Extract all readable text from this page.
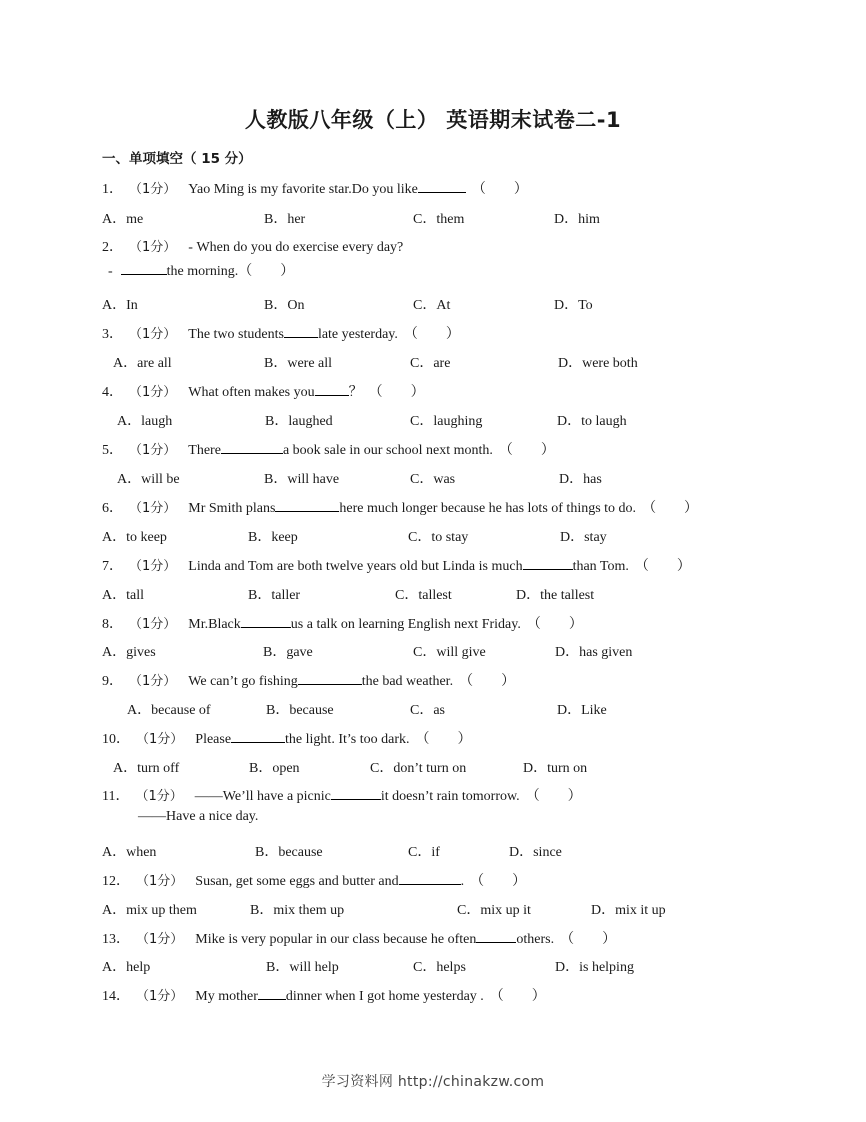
人教版八年级（上） 英语期末试卷二-1
一、单项填空（ 15 分）
1． （1分） Yao Ming is my favorite star.Do you like	（　　）
A．me	B．her	C．them	D．him
2． （1分） - When do you do exercise every day?
-	the morning.（　　）
A．In	B．On	C．At	D．To
3． （1分） The two students late yesterday. （　　）
A．are all	B．were all	C．are	D．were both
4． （1分） What often makes you ？ （　　）
A．laugh	B．laughed	C．laughing	D．to laugh
5． （1分） There	a book sale in our school next month. （　　）
A．will be	B．will have	C．was	D．has
6． （1分） Mr Smith plans	here much longer because he has lots of things to do. （　　）
A．to keep	B．keep	C．to stay	D．stay
7． （1分） Linda and Tom are both twelve years old but Linda is much	than Tom. （　　）
A．tall	B．taller	C．tallest	D．the tallest
8． （1分） Mr.Black	us a talk on learning English next Friday. （　　）
A．gives	B．gave	C．will give	D．has given
9． （1分） We can’t go fishing	the bad weather. （　　）
A．because of	B．because	C．as	D．Like
10． （1分） Please	the light. It’s too dark. （　　）
A．turn off	B．open	C．don’t turn on	D．turn on
11． （1分） ——We’ll have a picnic	it doesn’t rain tomorrow. （　　）
——Have a nice day.
A．when	B．because	C．if	D．since
12． （1分） Susan, get some eggs and butter and	. （　　）
A．mix up them	B．mix them up	C．mix up it	D．mix it up
13． （1分） Mike is very popular in our class because he often	others. （　　）
A．help	B．will help	C．helps	D．is helping
14． （1分） My mother dinner when I got home yesterday . （　　）
学习资料网 http://chinakzw.com
